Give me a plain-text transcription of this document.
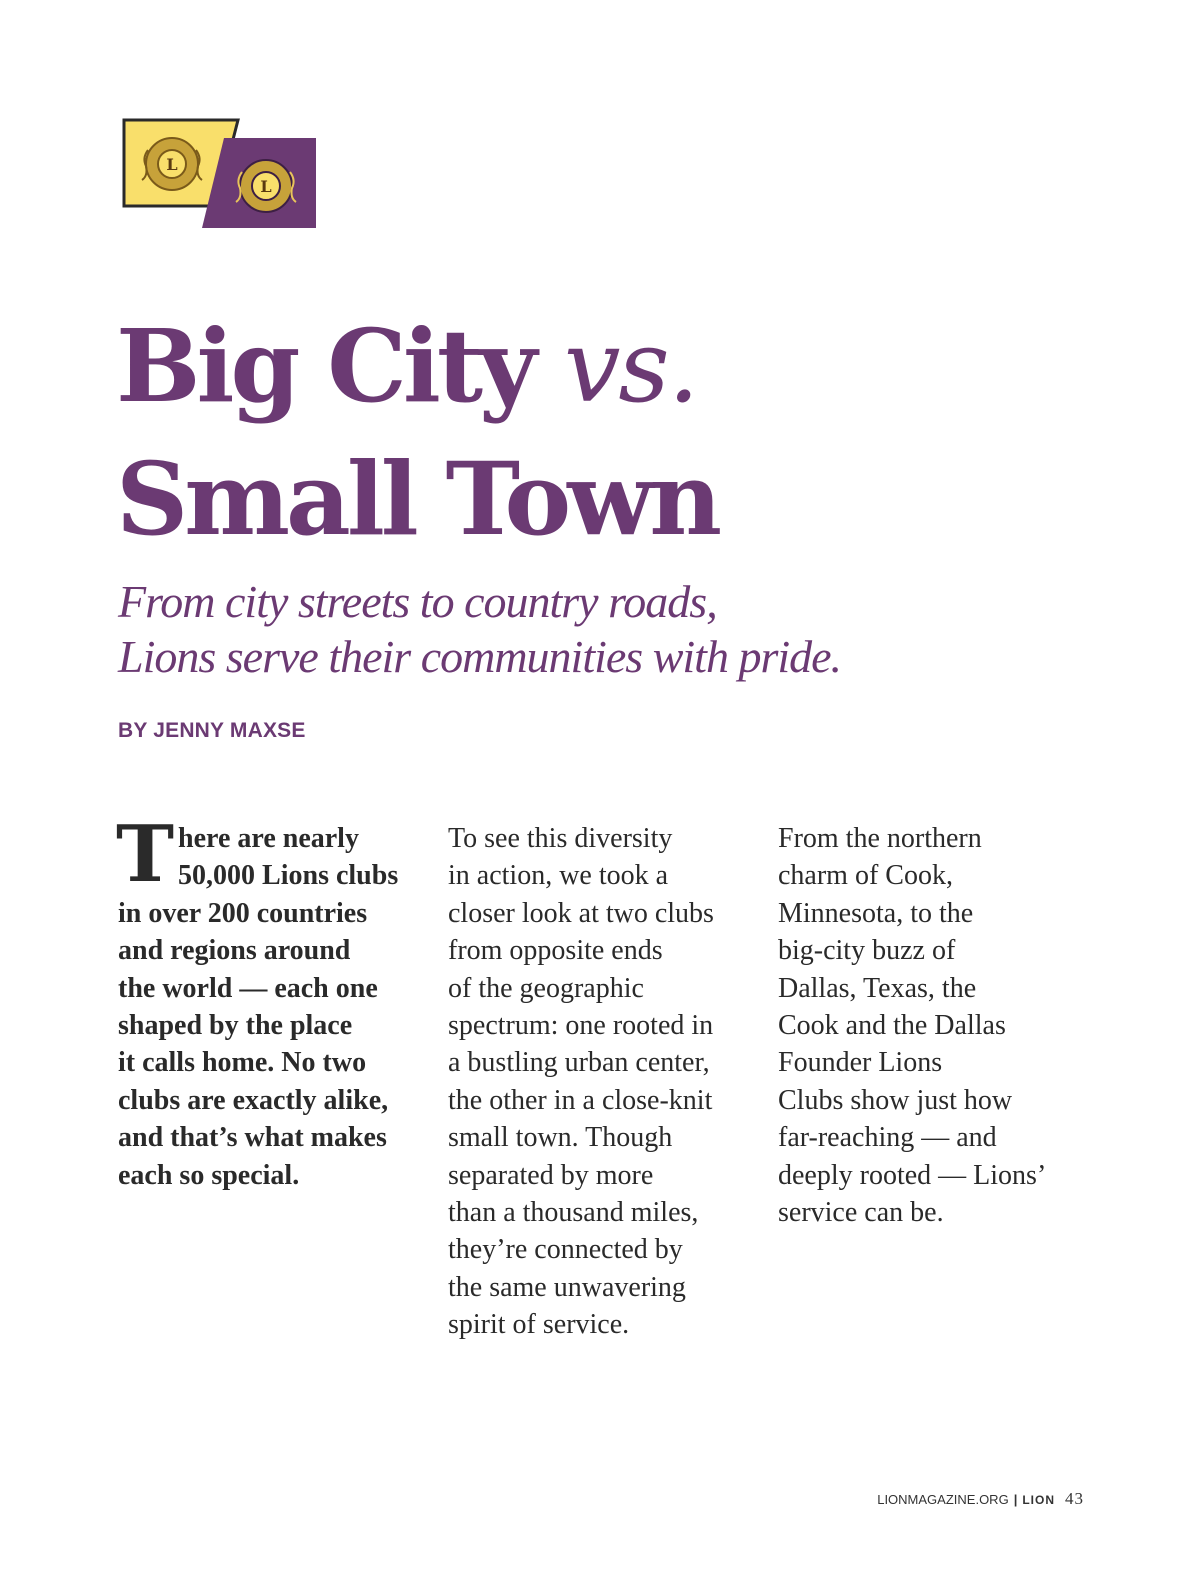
L
L
Big City vs.
Small Town

From city streets to country roads,
Lions serve their communities with pride.

BY JENNY MAXSE
T here are nearly
50,000 Lions clubs
in over 200 countries
and regions around
the world — each one
shaped by the place
it calls home. No two
clubs are exactly alike,
and that’s what makes
each so special.
To see this diversity
in action, we took a
closer look at two clubs
from opposite ends
of the geographic
spectrum: one rooted in
a bustling urban center,
the other in a close-knit
small town. Though
separated by more
than a thousand miles,
they’re connected by
the same unwavering
spirit of service.
From the northern
charm of Cook,
Minnesota, to the
big-city buzz of
Dallas, Texas, the
Cook and the Dallas
Founder Lions
Clubs show just how
far-reaching — and
deeply rooted — Lions’
service can be.
LIONMAGAZINE.ORG | LION 43
